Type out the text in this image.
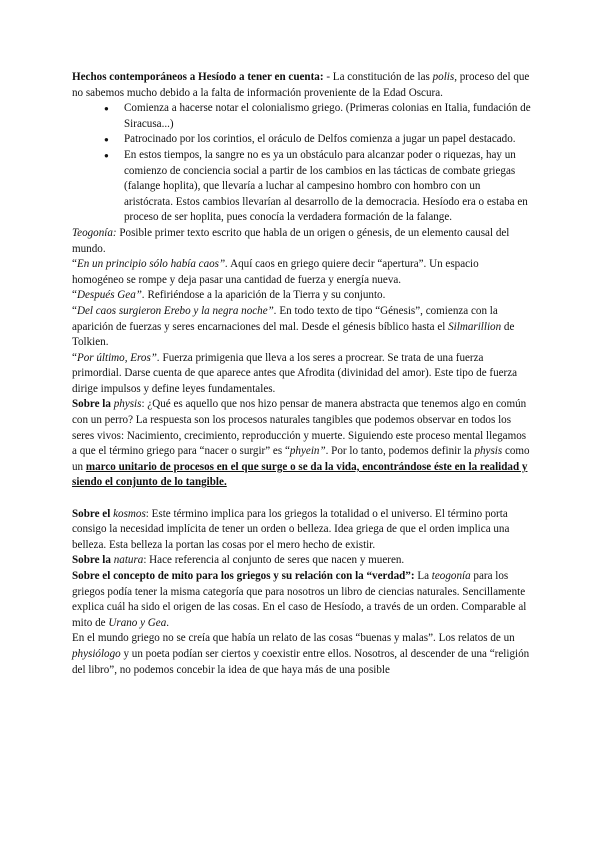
Hechos contemporáneos a Hesíodo a tener en cuenta: - La constitución de las polis, proceso del que no sabemos mucho debido a la falta de información proveniente de la Edad Oscura.

● Comienza a hacerse notar el colonialismo griego. (Primeras colonias en Italia, fundación de Siracusa...)
● Patrocinado por los corintios, el oráculo de Delfos comienza a jugar un papel destacado.
● En estos tiempos, la sangre no es ya un obstáculo para alcanzar poder o riquezas, hay un comienzo de conciencia social a partir de los cambios en las tácticas de combate griegas (falange hoplita), que llevaría a luchar al campesino hombro con hombro con un aristócrata. Estos cambios llevarían al desarrollo de la democracia. Hesíodo era o estaba en proceso de ser hoplita, pues conocía la verdadera formación de la falange.

Teogonía: Posible primer texto escrito que habla de un origen o génesis, de un elemento causal del mundo.

“En un principio sólo había caos”. Aquí caos en griego quiere decir “apertura”. Un espacio homogéneo se rompe y deja pasar una cantidad de fuerza y energía nueva.

“Después Gea”. Refiriéndose a la aparición de la Tierra y su conjunto.

“Del caos surgieron Erebo y la negra noche”. En todo texto de tipo “Génesis”, comienza con la aparición de fuerzas y seres encarnaciones del mal. Desde el génesis bíblico hasta el Silmarillion de Tolkien.

“Por último, Eros”. Fuerza primigenia que lleva a los seres a procrear. Se trata de una fuerza primordial. Darse cuenta de que aparece antes que Afrodita (divinidad del amor). Este tipo de fuerza dirige impulsos y define leyes fundamentales.

Sobre la physis: ¿Qué es aquello que nos hizo pensar de manera abstracta que tenemos algo en común con un perro? La respuesta son los procesos naturales tangibles que podemos observar en todos los seres vivos: Nacimiento, crecimiento, reproducción y muerte. Siguiendo este proceso mental llegamos a que el término griego para “nacer o surgir” es “phyein”. Por lo tanto, podemos definir la physis como un marco unitario de procesos en el que surge o se da la vida, encontrándose éste en la realidad y siendo el conjunto de lo tangible.

Sobre el kosmos: Este término implica para los griegos la totalidad o el universo. El término porta consigo la necesidad implícita de tener un orden o belleza. Idea griega de que el orden implica una belleza. Esta belleza la portan las cosas por el mero hecho de existir.

Sobre la natura: Hace referencia al conjunto de seres que nacen y mueren.

Sobre el concepto de mito para los griegos y su relación con la “verdad”: La teogonía para los griegos podía tener la misma categoría que para nosotros un libro de ciencias naturales. Sencillamente explica cuál ha sido el origen de las cosas. En el caso de Hesíodo, a través de un orden. Comparable al mito de Urano y Gea.

En el mundo griego no se creía que había un relato de las cosas “buenas y malas”. Los relatos de un physiólogo y un poeta podían ser ciertos y coexistir entre ellos. Nosotros, al descender de una “religión del libro”, no podemos concebir la idea de que haya más de una posible
